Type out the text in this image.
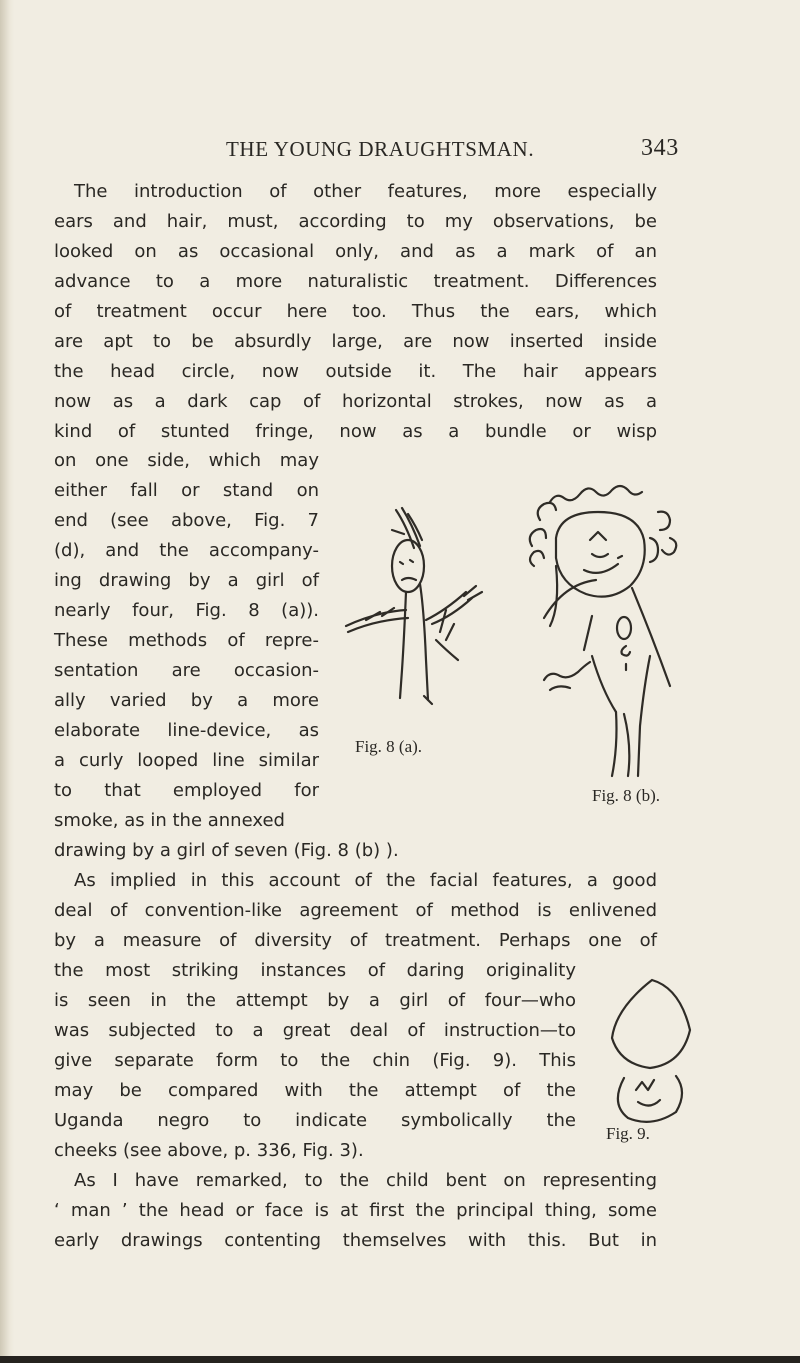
THE YOUNG DRAUGHTSMAN.	343
The introduction of other features, more especially
ears and hair, must, according to my observations, be
looked on as occasional only, and as a mark of an
advance to a more naturalistic treatment. Differences
of treatment occur here too. Thus the ears, which
are apt to be absurdly large, are now inserted inside
the head circle, now outside it. The hair appears
now as a dark cap of horizontal strokes, now as a
kind of stunted fringe, now as a bundle or wisp
on one side, which may
either fall or stand on
end (see above, Fig. 7
(d), and the accompany-
ing drawing by a girl of
nearly four, Fig. 8 (a)).
These methods of repre-
sentation are occasion-
ally varied by a more
elaborate line-device, as
a curly looped line similar
to that employed for
smoke, as in the annexed
drawing by a girl of seven (Fig. 8 (b) ).
As implied in this account of the facial features, a good
deal of convention-like agreement of method is enlivened
by a measure of diversity of treatment. Perhaps one of
the most striking instances of daring originality
is seen in the attempt by a girl of four—who
was subjected to a great deal of instruction—to
give separate form to the chin (Fig. 9). This
may be compared with the attempt of the
Uganda negro to indicate symbolically the
cheeks (see above, p. 336, Fig. 3).
As I have remarked, to the child bent on representing
‘ man ’ the head or face is at first the principal thing, some
early drawings contenting themselves with this. But in
Fig. 8 (a).
Fig. 8 (b).
Fig. 9.
